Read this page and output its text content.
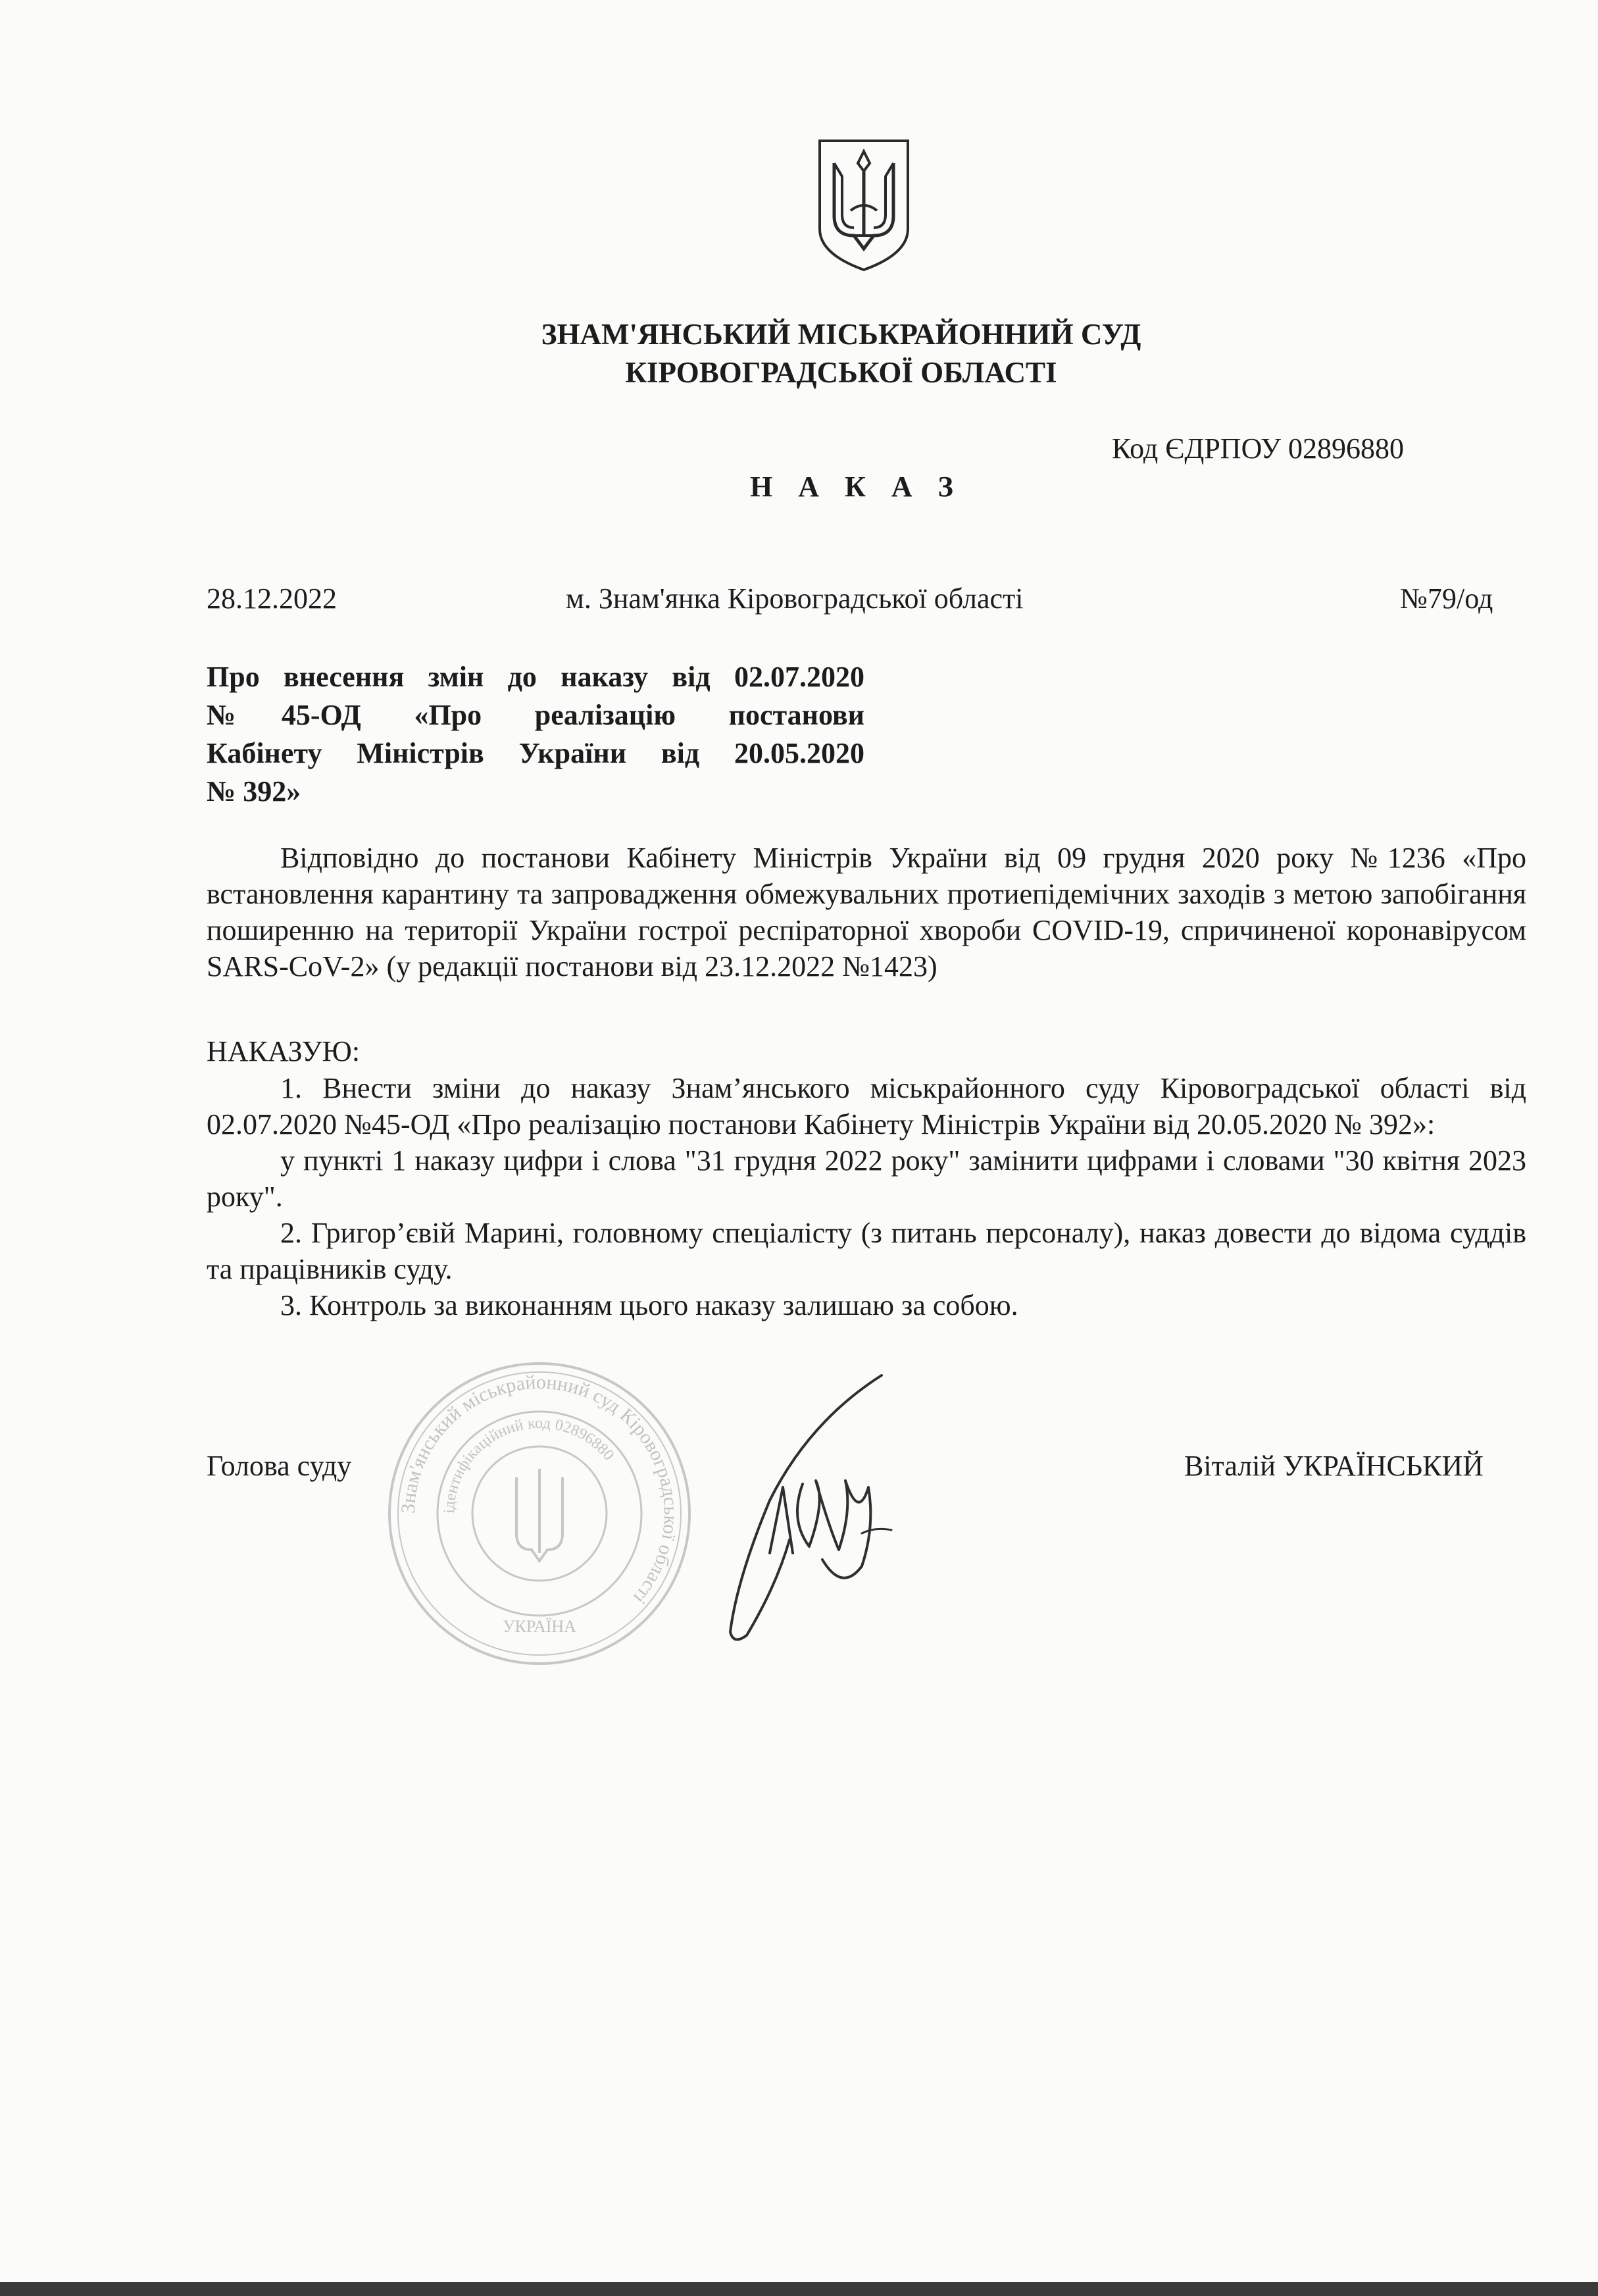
ЗНАМ'ЯНСЬКИЙ МІСЬКРАЙОННИЙ СУД
КІРОВОГРАДСЬКОЇ ОБЛАСТІ
Код ЄДРПОУ 02896880
Н А К А З
28.12.2022	м. Знам'янка Кіровоградської області	№79/од
Про внесення змін до наказу від 02.07.2020
№45-ОД «Про реалізацію постанови
Кабінету Міністрів України від 20.05.2020
№ 392»
Відповідно до постанови Кабінету Міністрів України від 09 грудня 2020 року №1236 «Про встановлення карантину та запровадження обмежувальних протиепідемічних заходів з метою запобігання поширенню на території України гострої респіраторної хвороби COVID-19, спричиненої коронавірусом SARS-CoV-2» (у редакції постанови від 23.12.2022 №1423)
НАКАЗУЮ:

1. Внести зміни до наказу Знам’янського міськрайонного суду Кіровоградської області від 02.07.2020 №45-ОД «Про реалізацію постанови Кабінету Міністрів України від 20.05.2020 № 392»:

у пункті 1 наказу цифри і слова "31 грудня 2022 року" замінити цифрами і словами "30 квітня 2023 року".

2. Григор’євій Марині, головному спеціалісту (з питань персоналу), наказ довести до відома суддів та працівників суду.

3. Контроль за виконанням цього наказу залишаю за собою.

Знам'янський міськрайонний суд Кіровоградської області
ідентифікаційний код 02896880
УКРАЇНА
Голова суду	Віталій УКРАЇНСЬКИЙ
